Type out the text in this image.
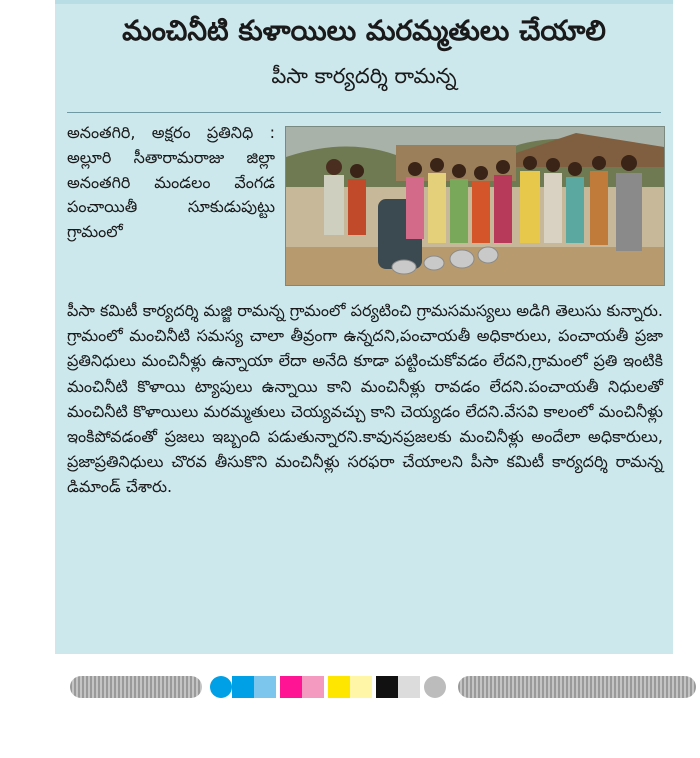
మంచినీటి కుళాయిలు మరమ్మతులు చేయాలి
పీసా కార్యదర్శి రామన్న
అనంతగిరి, అక్షరం ప్రతినిధి : అల్లూరి సీతారామరాజు జిల్లా అనంతగిరి మండలం వేంగడ పంచాయితీ సూకుడుపుట్టు గ్రామంలో
పీసా కమిటీ కార్యదర్శి మజ్జి రామన్న గ్రామంలో పర్యటించి గ్రామసమస్యలు అడిగి తెలుసు కున్నారు. గ్రామంలో మంచినీటి సమస్య చాలా తీవ్రంగా ఉన్నదని,పంచాయతీ అధికారులు, పంచాయతీ ప్రజా ప్రతినిధులు మంచినీళ్లు ఉన్నాయా లేదా అనేది కూడా పట్టించుకోవడం లేదని,గ్రామంలో ప్రతి ఇంటికి మంచినీటి కొళాయి ట్యాపులు ఉన్నాయి కాని మంచినీళ్లు రావడం లేదని.పంచాయతీ నిధులతో మంచినీటి కొళాయిలు మరమ్మతులు చెయ్యవచ్చు కాని చెయ్యడం లేదని.వేసవి కాలంలో మంచినీళ్లు ఇంకిపోవడంతో ప్రజలు ఇబ్బంది పడుతున్నారని.కావునప్రజలకు మంచినీళ్లు అందేలా అధికారులు, ప్రజాప్రతినిధులు చొరవ తీసుకొని మంచినీళ్లు సరఫరా చేయాలని పీసా కమిటీ కార్యదర్శి రామన్న డిమాండ్ చేశారు.
